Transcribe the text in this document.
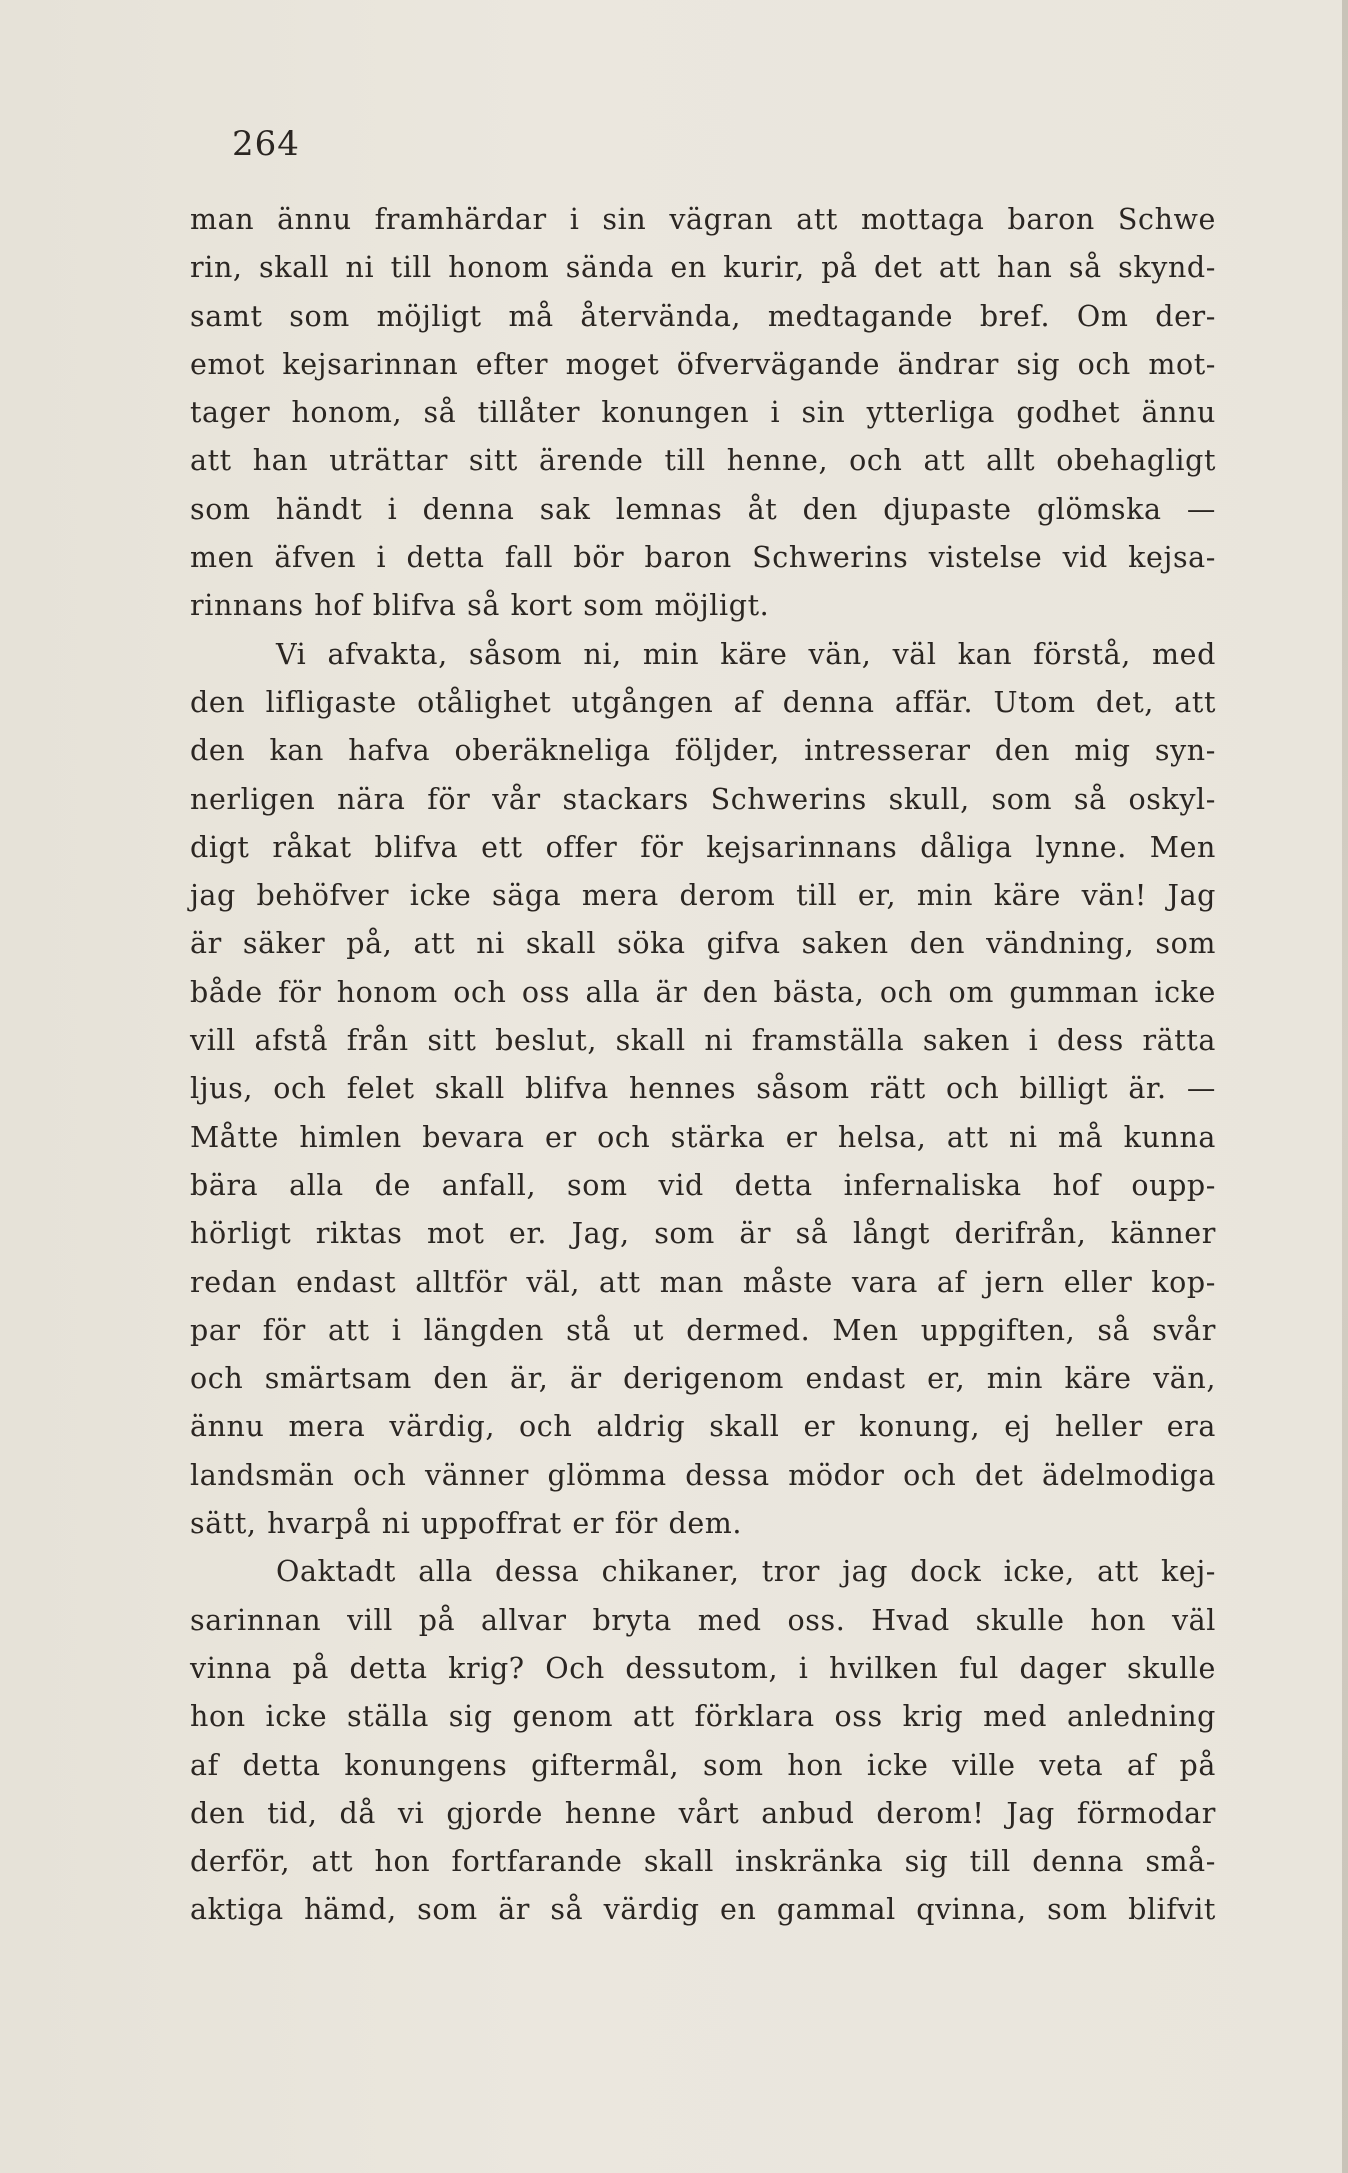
264
man ännu framhärdar i sin vägran att mottaga baron Schwe
rin, skall ni till honom sända en kurir, på det att han så skynd-
samt som möjligt må återvända, medtagande bref. Om der-
emot kejsarinnan efter moget öfvervägande ändrar sig och mot-
tager honom, så tillåter konungen i sin ytterliga godhet ännu
att han uträttar sitt ärende till henne, och att allt obehagligt
som händt i denna sak lemnas åt den djupaste glömska —
men äfven i detta fall bör baron Schwerins vistelse vid kejsa-
rinnans hof blifva så kort som möjligt.
Vi afvakta, såsom ni, min käre vän, väl kan förstå, med
den lifligaste otålighet utgången af denna affär. Utom det, att
den kan hafva oberäkneliga följder, intresserar den mig syn-
nerligen nära för vår stackars Schwerins skull, som så oskyl-
digt råkat blifva ett offer för kejsarinnans dåliga lynne. Men
jag behöfver icke säga mera derom till er, min käre vän! Jag
är säker på, att ni skall söka gifva saken den vändning, som
både för honom och oss alla är den bästa, och om gumman icke
vill afstå från sitt beslut, skall ni framställa saken i dess rätta
ljus, och felet skall blifva hennes såsom rätt och billigt är. —
Måtte himlen bevara er och stärka er helsa, att ni må kunna
bära alla de anfall, som vid detta infernaliska hof oupp-
hörligt riktas mot er. Jag, som är så långt derifrån, känner
redan endast alltför väl, att man måste vara af jern eller kop-
par för att i längden stå ut dermed. Men uppgiften, så svår
och smärtsam den är, är derigenom endast er, min käre vän,
ännu mera värdig, och aldrig skall er konung, ej heller era
landsmän och vänner glömma dessa mödor och det ädelmodiga
sätt, hvarpå ni uppoffrat er för dem.
Oaktadt alla dessa chikaner, tror jag dock icke, att kej-
sarinnan vill på allvar bryta med oss. Hvad skulle hon väl
vinna på detta krig? Och dessutom, i hvilken ful dager skulle
hon icke ställa sig genom att förklara oss krig med anledning
af detta konungens giftermål, som hon icke ville veta af på
den tid, då vi gjorde henne vårt anbud derom! Jag förmodar
derför, att hon fortfarande skall inskränka sig till denna små-
aktiga hämd, som är så värdig en gammal qvinna, som blifvit
